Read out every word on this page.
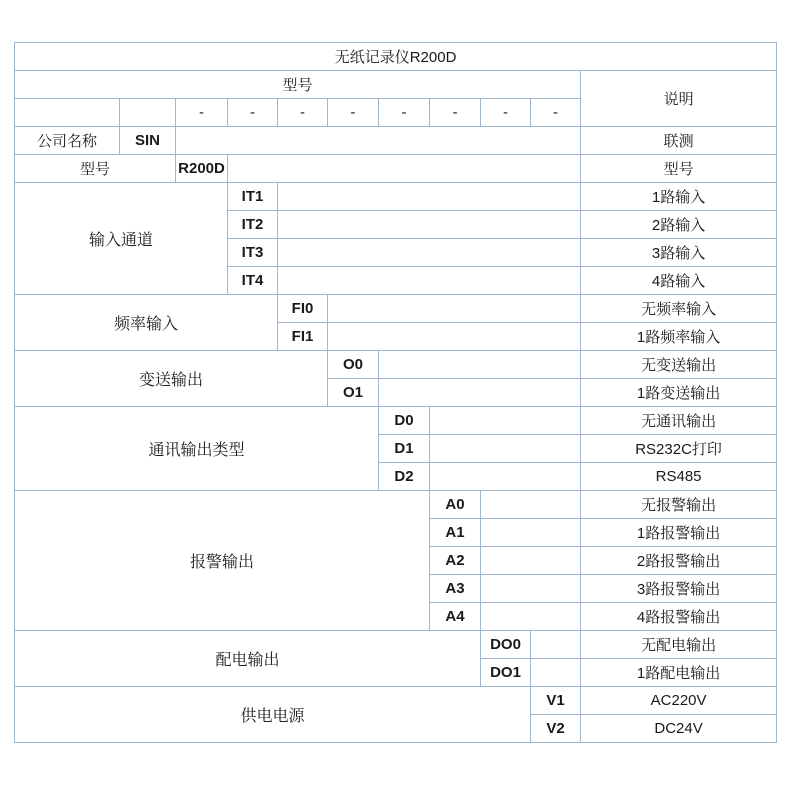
无纸记录仪R200D										
型号										说明
		-	-	-	-	-	-	-	-	
公司名称	SIN									联测
型号		R200D								型号
输入通道			IT1							1路输入
			IT2							2路输入
			IT3							3路输入
			IT4							4路输入
频率输入				FI0						无频率输入
				FI1						1路频率输入
变送输出					O0					无变送输出
					O1					1路变送输出
通讯输出类型						D0				无通讯输出
						D1				RS232C打印
						D2				RS485
报警输出							A0			无报警输出
							A1			1路报警输出
							A2			2路报警输出
							A3			3路报警输出
							A4			4路报警输出
配电输出								DO0		无配电输出
								DO1		1路配电输出
供电电源									V1	AC220V
									V2	DC24V
